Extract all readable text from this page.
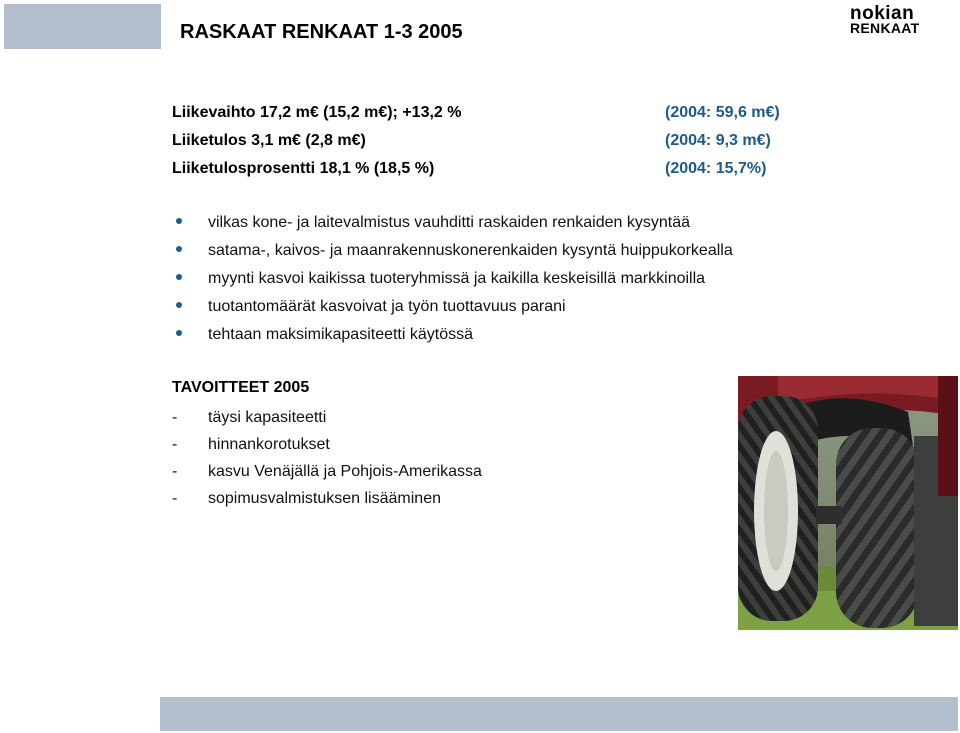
RASKAAT RENKAAT 1-3 2005
nokian
RENKAAT
Liikevaihto 17,2 m€ (15,2 m€); +13,2 %	(2004: 59,6 m€)
Liiketulos 3,1 m€ (2,8 m€)	(2004: 9,3 m€)
Liiketulosprosentti 18,1 % (18,5 %)	(2004: 15,7%)
vilkas kone- ja laitevalmistus vauhditti raskaiden renkaiden kysyntää
satama-, kaivos- ja maanrakennuskonerenkaiden kysyntä huippukorkealla
myynti kasvoi kaikissa tuoteryhmissä ja kaikilla keskeisillä markkinoilla
tuotantomäärät kasvoivat ja työn tuottavuus parani
tehtaan maksimikapasiteetti käytössä
TAVOITTEET 2005
-	täysi kapasiteetti
-	hinnankorotukset
-	kasvu Venäjällä ja Pohjois-Amerikassa
-	sopimusvalmistuksen lisääminen
